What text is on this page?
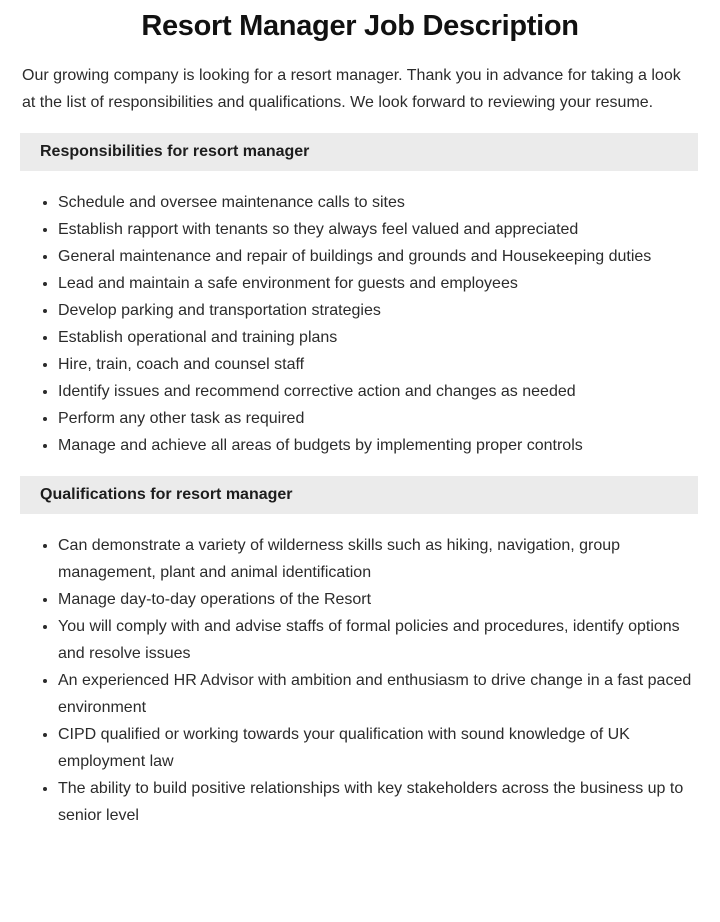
Resort Manager Job Description

Our growing company is looking for a resort manager. Thank you in advance for taking a look at the list of responsibilities and qualifications. We look forward to reviewing your resume.

Responsibilities for resort manager
Schedule and oversee maintenance calls to sites
Establish rapport with tenants so they always feel valued and appreciated
General maintenance and repair of buildings and grounds and Housekeeping duties
Lead and maintain a safe environment for guests and employees
Develop parking and transportation strategies
Establish operational and training plans
Hire, train, coach and counsel staff
Identify issues and recommend corrective action and changes as needed
Perform any other task as required
Manage and achieve all areas of budgets by implementing proper controls
Qualifications for resort manager
Can demonstrate a variety of wilderness skills such as hiking, navigation, group management, plant and animal identification
Manage day-to-day operations of the Resort
You will comply with and advise staffs of formal policies and procedures, identify options and resolve issues
An experienced HR Advisor with ambition and enthusiasm to drive change in a fast paced environment
CIPD qualified or working towards your qualification with sound knowledge of UK employment law
The ability to build positive relationships with key stakeholders across the business up to senior level
